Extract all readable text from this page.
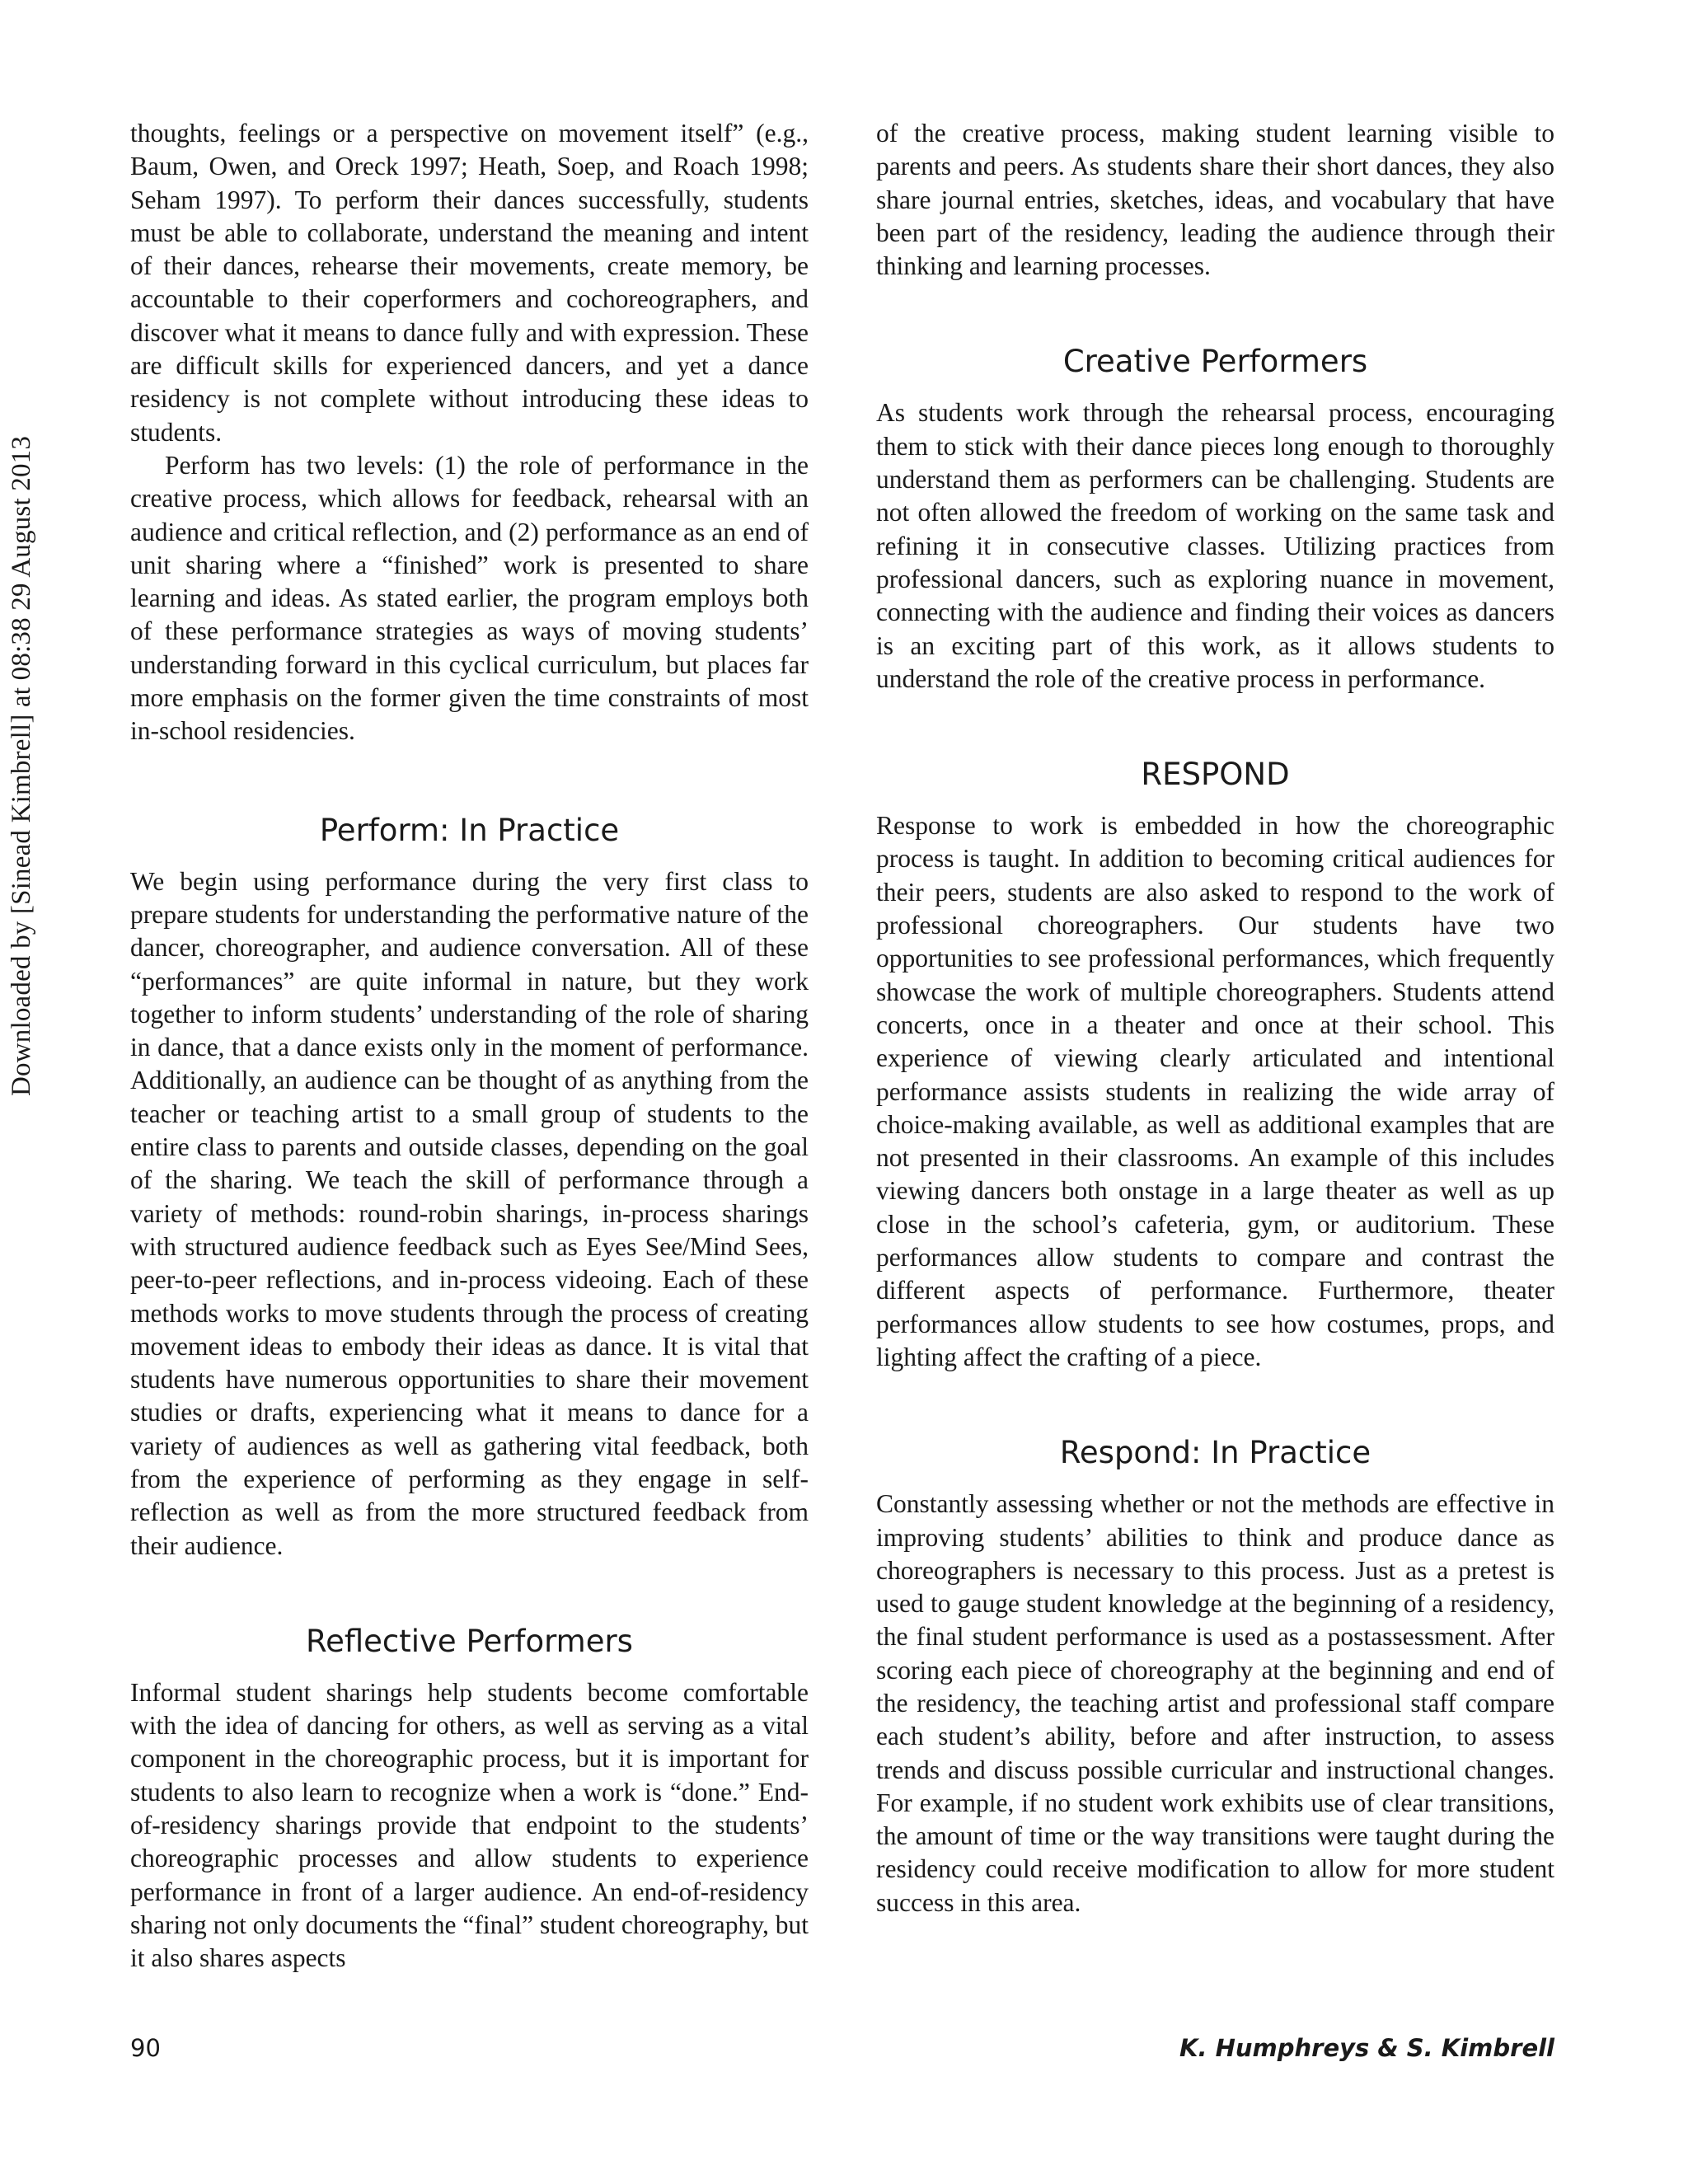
Downloaded by [Sinead Kimbrell] at 08:38 29 August 2013

thoughts, feelings or a perspective on movement itself” (e.g., Baum, Owen, and Oreck 1997; Heath, Soep, and Roach 1998; Seham 1997). To perform their dances successfully, students must be able to collaborate, understand the meaning and intent of their dances, rehearse their movements, create memory, be accountable to their coperformers and cochoreographers, and discover what it means to dance fully and with expression. These are difficult skills for experienced dancers, and yet a dance residency is not complete without introducing these ideas to students.

Perform has two levels: (1) the role of performance in the creative process, which allows for feedback, rehearsal with an audience and critical reflection, and (2) performance as an end of unit sharing where a “finished” work is presented to share learning and ideas. As stated earlier, the program employs both of these performance strategies as ways of moving students’ understanding forward in this cyclical curriculum, but places far more emphasis on the former given the time constraints of most in-school residencies.

Perform: In Practice

We begin using performance during the very first class to prepare students for understanding the performative nature of the dancer, choreographer, and audience conversation. All of these “performances” are quite informal in nature, but they work together to inform students’ understanding of the role of sharing in dance, that a dance exists only in the moment of performance. Additionally, an audience can be thought of as anything from the teacher or teaching artist to a small group of students to the entire class to parents and outside classes, depending on the goal of the sharing. We teach the skill of performance through a variety of methods: round-robin sharings, in-process sharings with structured audience feedback such as Eyes See/Mind Sees, peer-to-peer reflections, and in-process videoing. Each of these methods works to move students through the process of creating movement ideas to embody their ideas as dance. It is vital that students have numerous opportunities to share their movement studies or drafts, experiencing what it means to dance for a variety of audiences as well as gathering vital feedback, both from the experience of performing as they engage in self-reflection as well as from the more structured feedback from their audience.

Reflective Performers

Informal student sharings help students become comfortable with the idea of dancing for others, as well as serving as a vital component in the choreographic process, but it is important for students to also learn to recognize when a work is “done.” End-of-residency sharings provide that endpoint to the students’ choreographic processes and allow students to experience performance in front of a larger audience. An end-of-residency sharing not only documents the “final” student choreography, but it also shares aspects

of the creative process, making student learning visible to parents and peers. As students share their short dances, they also share journal entries, sketches, ideas, and vocabulary that have been part of the residency, leading the audience through their thinking and learning processes.

Creative Performers

As students work through the rehearsal process, encouraging them to stick with their dance pieces long enough to thoroughly understand them as performers can be challenging. Students are not often allowed the freedom of working on the same task and refining it in consecutive classes. Utilizing practices from professional dancers, such as exploring nuance in movement, connecting with the audience and finding their voices as dancers is an exciting part of this work, as it allows students to understand the role of the creative process in performance.

RESPOND

Response to work is embedded in how the choreographic process is taught. In addition to becoming critical audiences for their peers, students are also asked to respond to the work of professional choreographers. Our students have two opportunities to see professional performances, which frequently showcase the work of multiple choreographers. Students attend concerts, once in a theater and once at their school. This experience of viewing clearly articulated and intentional performance assists students in realizing the wide array of choice-making available, as well as additional examples that are not presented in their classrooms. An example of this includes viewing dancers both onstage in a large theater as well as up close in the school’s cafeteria, gym, or auditorium. These performances allow students to compare and contrast the different aspects of performance. Furthermore, theater performances allow students to see how costumes, props, and lighting affect the crafting of a piece.

Respond: In Practice

Constantly assessing whether or not the methods are effective in improving students’ abilities to think and produce dance as choreographers is necessary to this process. Just as a pretest is used to gauge student knowledge at the beginning of a residency, the final student performance is used as a postassessment. After scoring each piece of choreography at the beginning and end of the residency, the teaching artist and professional staff compare each student’s ability, before and after instruction, to assess trends and discuss possible curricular and instructional changes. For example, if no student work exhibits use of clear transitions, the amount of time or the way transitions were taught during the residency could receive modification to allow for more student success in this area.

90	K. Humphreys & S. Kimbrell
